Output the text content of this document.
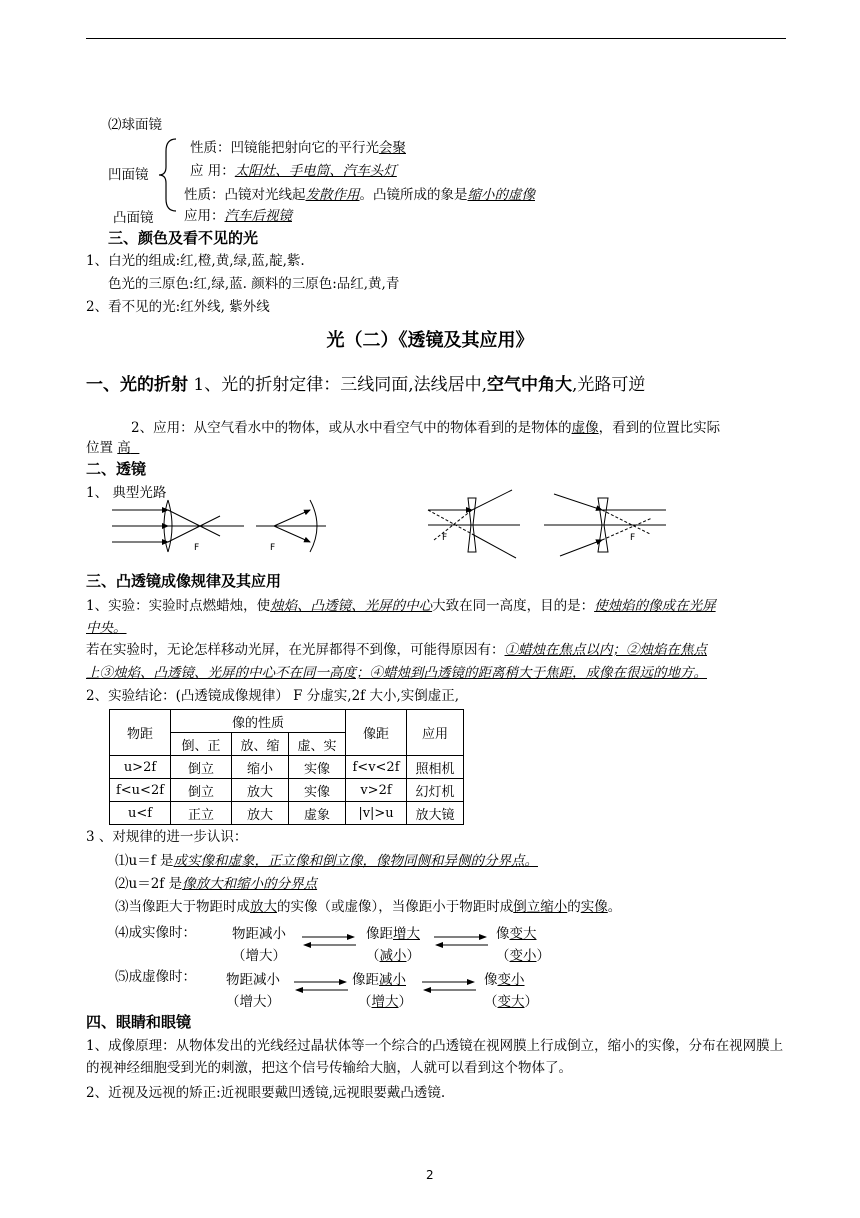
⑵球面镜
性质：凹镜能把射向它的平行光会聚
应 用：太阳灶、手电筒、汽车头灯
凹面镜
性质：凸镜对光线起发散作用。凸镜所成的象是缩小的虚像
应用：汽车后视镜
凸面镜
三、颜色及看不见的光
1、白光的组成:红,橙,黄,绿,蓝,靛,紫.
色光的三原色:红,绿,蓝. 颜料的三原色:品红,黄,青
2、看不见的光:红外线, 紫外线
光（二）《透镜及其应用》
一、光的折射 1、光的折射定律：三线同面,法线居中,空气中角大,光路可逆
2、应用：从空气看水中的物体，或从水中看空气中的物体看到的是物体的虚像，看到的位置比实际
位置 高
二、透镜
1、 典型光路
F	F
F	F
三、凸透镜成像规律及其应用
1、实验：实验时点燃蜡烛，使烛焰、凸透镜、光屏的中心大致在同一高度，目的是：使烛焰的像成在光屏
中央。
若在实验时，无论怎样移动光屏，在光屏都得不到像，可能得原因有：①蜡烛在焦点以内；②烛焰在焦点
上③烛焰、凸透镜、光屏的中心不在同一高度；④蜡烛到凸透镜的距离稍大于焦距，成像在很远的地方。
2、实验结论：(凸透镜成像规律） F 分虚实,2f 大小,实倒虚正,
物距	像的性质			像距	应用
	倒、正	放、缩	虚、实		
u>2f	倒立	缩小	实像	f<v<2f	照相机
f<u<2f	倒立	放大	实像	v>2f	幻灯机
u<f	正立	放大	虚象	|v|>u	放大镜
3 、对规律的进一步认识：
⑴u＝f 是成实像和虚象，正立像和倒立像，像物同侧和异侧的分界点。
⑵u＝2f 是像放大和缩小的分界点
⑶当像距大于物距时成放大的实像（或虚像），当像距小于物距时成倒立缩小的实像。
⑷成实像时：	物距减小
（增大）
像距增大
（减小）
像变大
（变小）
⑸成虚像时： 物距减小
（增大）
像距减小
（增大）
像变小
（变大）
四、眼睛和眼镜
1、成像原理：从物体发出的光线经过晶状体等一个综合的凸透镜在视网膜上行成倒立，缩小的实像，分布在视网膜上的视神经细胞受到光的刺激，把这个信号传输给大脑，人就可以看到这个物体了。
2、近视及远视的矫正:近视眼要戴凹透镜,远视眼要戴凸透镜.
2
